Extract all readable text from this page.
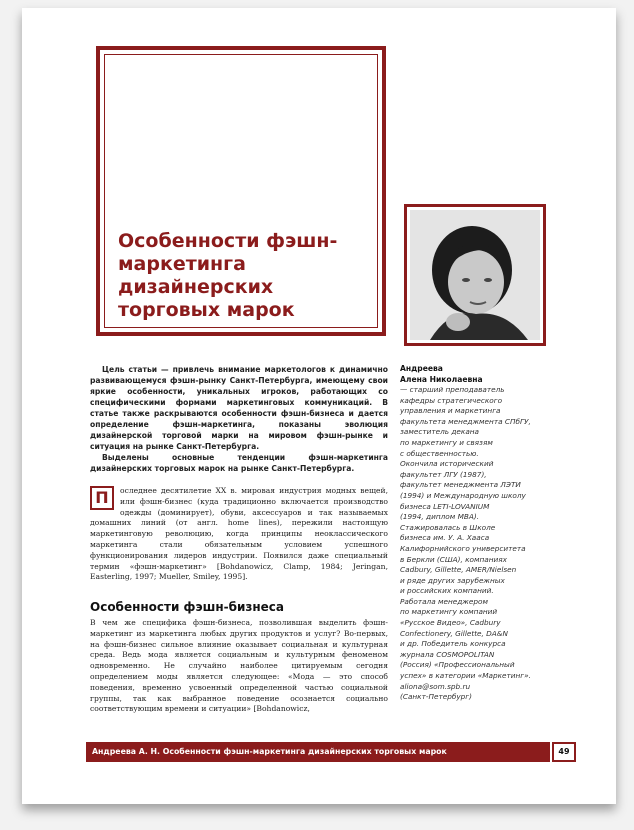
Особенности фэшн-маркетинга дизайнерских торговых марок

Цель статьи — привлечь внимание маркетологов к динамично развивающемуся фэшн-рынку Санкт-Петербурга, имеющему свои яркие особенности, уникальных игроков, работающих со специфическими формами маркетинговых коммуникаций. В статье также раскрываются особенности фэшн-бизнеса и дается определение фэшн-маркетинга, показаны эволюция дизайнерской торговой марки на мировом фэшн-рынке и ситуация на рынке Санкт-Петербурга.

Выделены основные тенденции фэшн-маркетинга дизайнерских торговых марок на рынке Санкт-Петербурга.

П	оследнее десятилетие XX в. мировая индустрия модных вещей, или фэшн-бизнес (куда традиционно включается производство одежды (доминирует), обуви, аксессуаров и так называемых домашних линий (от англ. home lines), пережили настоящую маркетинговую революцию, когда принципы неоклассического маркетинга стали обязательным условием успешного функционирования лидеров индустрии. Появился даже специальный термин «фэшн-маркетинг» [Bohdanowicz, Clamp, 1984; Jeringan, Easterling, 1997; Mueller, Smiley, 1995].

Особенности фэшн-бизнеса

В чем же специфика фэшн-бизнеса, позволившая выделить фэшн-маркетинг из маркетинга любых других продуктов и услуг? Во-первых, на фэшн-бизнес сильное влияние оказывает социальная и культурная среда. Ведь мода является социальным и культурным феноменом одновременно. Не случайно наиболее цитируемым сегодня определением моды является следующее: «Мода — это способ поведения, временно усвоенный определенной частью социальной группы, так как выбранное поведение осознается социально соответствующим времени и ситуации» [Bohdanowicz,

Андреева

Алена Николаевна

— старший преподаватель
кафедры стратегического
управления и маркетинга
факультета менеджмента СПбГУ,
заместитель декана
по маркетингу и связям
с общественностью.
Окончила исторический
факультет ЛГУ (1987),
факультет менеджмента ЛЭТИ
(1994) и Международную школу
бизнеса LETI-LOVANIUM
(1994, диплом MBA).
Стажировалась в Школе
бизнеса им. У. А. Хааса
Калифорнийского университета
в Беркли (США), компаниях
Cadbury, Gillette, AMER/Nielsen
и ряде других зарубежных
и российских компаний.
Работала менеджером
по маркетингу компаний
«Русское Видео», Cadbury
Confectionery, Gillette, DA&N
и др. Победитель конкурса
журнала COSMOPOLITAN
(Россия) «Профессиональный
успех» в категории «Маркетинг».
aliona@som.spb.ru
(Санкт-Петербург)

Андреева А. Н. Особенности фэшн-маркетинга дизайнерских торговых марок	49
